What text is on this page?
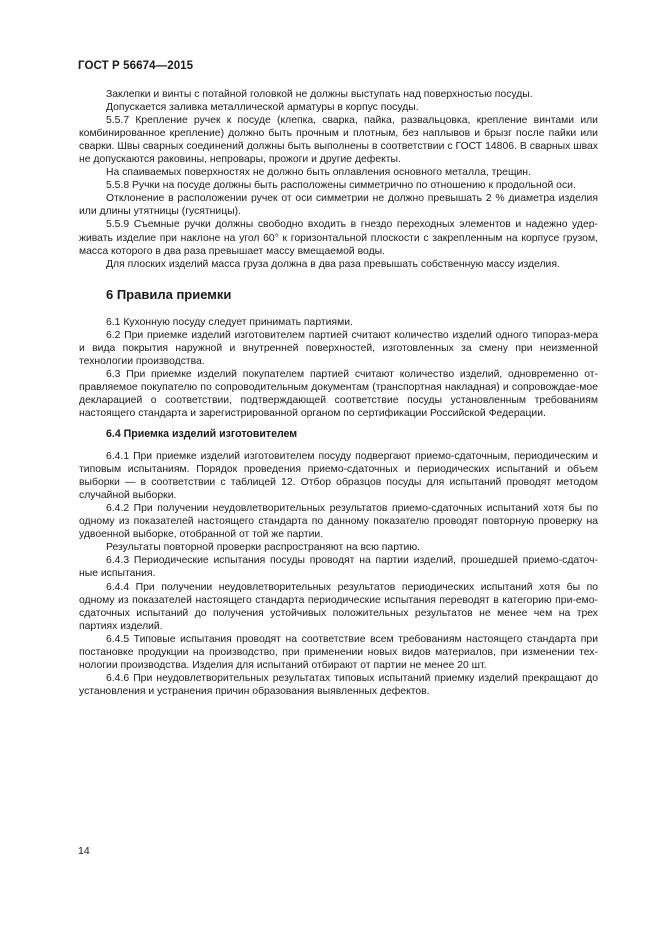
ГОСТ Р 56674—2015

Заклепки и винты с потайной головкой не должны выступать над поверхностью посуды.

Допускается заливка металлической арматуры в корпус посуды.

5.5.7 Крепление ручек к посуде (клепка, сварка, пайка, развальцовка, крепление винтами или комбинированное крепление) должно быть прочным и плотным, без наплывов и брызг после пайки или сварки. Швы сварных соединений должны быть выполнены в соответствии с ГОСТ 14806. В сварных швах не допускаются раковины, непровары, прожоги и другие дефекты.

На спаиваемых поверхностях не должно быть оплавления основного металла, трещин.

5.5.8 Ручки на посуде должны быть расположены симметрично по отношению к продольной оси.

Отклонение в расположении ручек от оси симметрии не должно превышать 2 % диаметра изделия или длины утятницы (гусятницы).

5.5.9 Съемные ручки должны свободно входить в гнездо переходных элементов и надежно удер-живать изделие при наклоне на угол 60° к горизонтальной плоскости с закрепленным на корпусе грузом, масса которого в два раза превышает массу вмещаемой воды.

Для плоских изделий масса груза должна в два раза превышать собственную массу изделия.

6 Правила приемки

6.1 Кухонную посуду следует принимать партиями.

6.2 При приемке изделий изготовителем партией считают количество изделий одного типораз-мера и вида покрытия наружной и внутренней поверхностей, изготовленных за смену при неизменной технологии производства.

6.3 При приемке изделий покупателем партией считают количество изделий, одновременно от-правляемое покупателю по сопроводительным документам (транспортная накладная) и сопровождае-мое декларацией о соответствии, подтверждающей соответствие посуды установленным требованиям настоящего стандарта и зарегистрированной органом по сертификации Российской Федерации.

6.4 Приемка изделий изготовителем

6.4.1 При приемке изделий изготовителем посуду подвергают приемо-сдаточным, периодическим и типовым испытаниям. Порядок проведения приемо-сдаточных и периодических испытаний и объем выборки — в соответствии с таблицей 12. Отбор образцов посуды для испытаний проводят методом случайной выборки.

6.4.2 При получении неудовлетворительных результатов приемо-сдаточных испытаний хотя бы по одному из показателей настоящего стандарта по данному показателю проводят повторную проверку на удвоенной выборке, отобранной от той же партии.

Результаты повторной проверки распространяют на всю партию.

6.4.3 Периодические испытания посуды проводят на партии изделий, прошедшей приемо-сдаточ-ные испытания.

6.4.4 При получении неудовлетворительных результатов периодических испытаний хотя бы по одному из показателей настоящего стандарта периодические испытания переводят в категорию при-емо-сдаточных испытаний до получения устойчивых положительных результатов не менее чем на трех партиях изделий.

6.4.5 Типовые испытания проводят на соответствие всем требованиям настоящего стандарта при постановке продукции на производство, при применении новых видов материалов, при изменении тех-нологии производства. Изделия для испытаний отбирают от партии не менее 20 шт.

6.4.6 При неудовлетворительных результатах типовых испытаний приемку изделий прекращают до установления и устранения причин образования выявленных дефектов.

14
